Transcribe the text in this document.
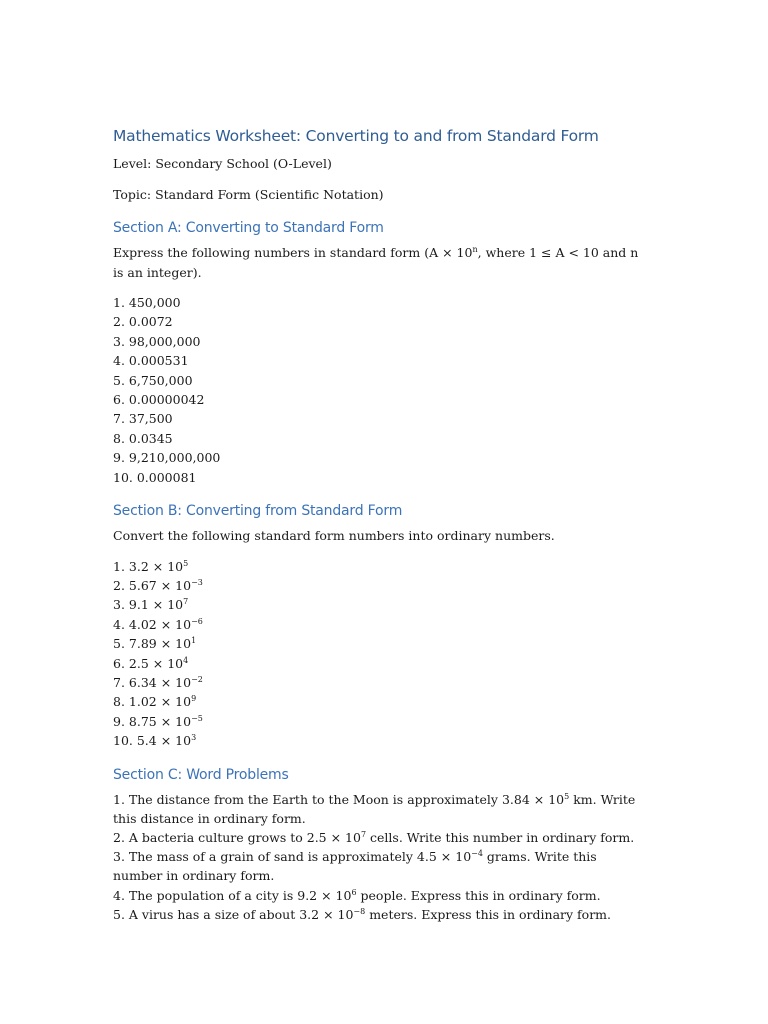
Mathematics Worksheet: Converting to and from Standard Form

Level: Secondary School (O-Level)

Topic: Standard Form (Scientific Notation)

Section A: Converting to Standard Form

Express the following numbers in standard form ($A \times 10^n$, where 1 ≤ A < 10 and n is an integer).

1. 450,000
2. 0.0072
3. 98,000,000
4. 0.000531
5. 6,750,000
6. 0.00000042
7. 37,500
8. 0.0345
9. 9,210,000,000
10. 0.000081
Section B: Converting from Standard Form

Convert the following standard form numbers into ordinary numbers.

1. $3.2 \times 10^5$
2. $5.67 \times 10^{-3}$
3. $9.1 \times 10^7$
4. $4.02 \times 10^{-6}$
5. $7.89 \times 10^1$
6. $2.5 \times 10^4$
7. $6.34 \times 10^{-2}$
8. $1.02 \times 10^9$
9. $8.75 \times 10^{-5}$
10. $5.4 \times 10^3$
Section C: Word Problems
1. The distance from the Earth to the Moon is approximately $3.84 \times 10^5$ km. Write this distance in ordinary form.
2. A bacteria culture grows to $2.5 \times 10^7$ cells. Write this number in ordinary form.
3. The mass of a grain of sand is approximately $4.5 \times 10^{-4}$ grams. Write this number in ordinary form.
4. The population of a city is $9.2 \times 10^6$ people. Express this in ordinary form.
5. A virus has a size of about $3.2 \times 10^{-8}$ meters. Express this in ordinary form.
